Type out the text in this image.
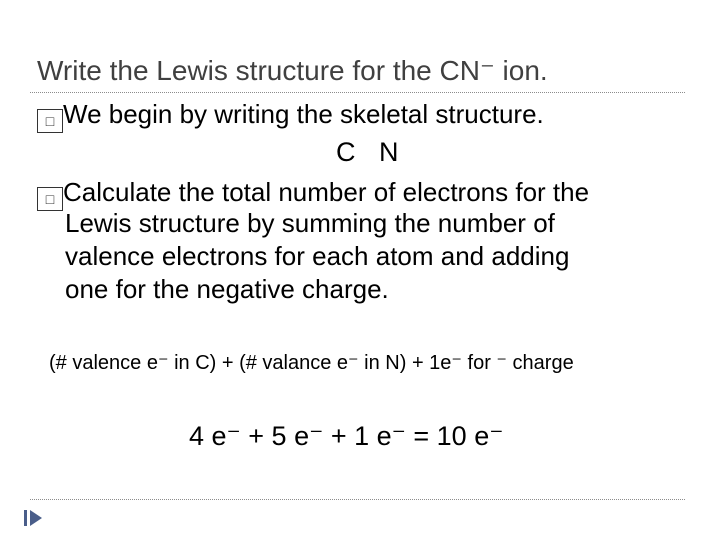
Write the Lewis structure for the CN⁻ ion.
□ We begin by writing the skeletal structure.
C N
□ Calculate the total number of electrons for the
Lewis structure by summing the number of
valence electrons for each atom and adding
one for the negative charge.
(# valence e⁻ in C) + (# valance e⁻ in N) + 1e⁻ for ⁻ charge
4 e⁻ + 5 e⁻ + 1 e⁻ = 10 e⁻
